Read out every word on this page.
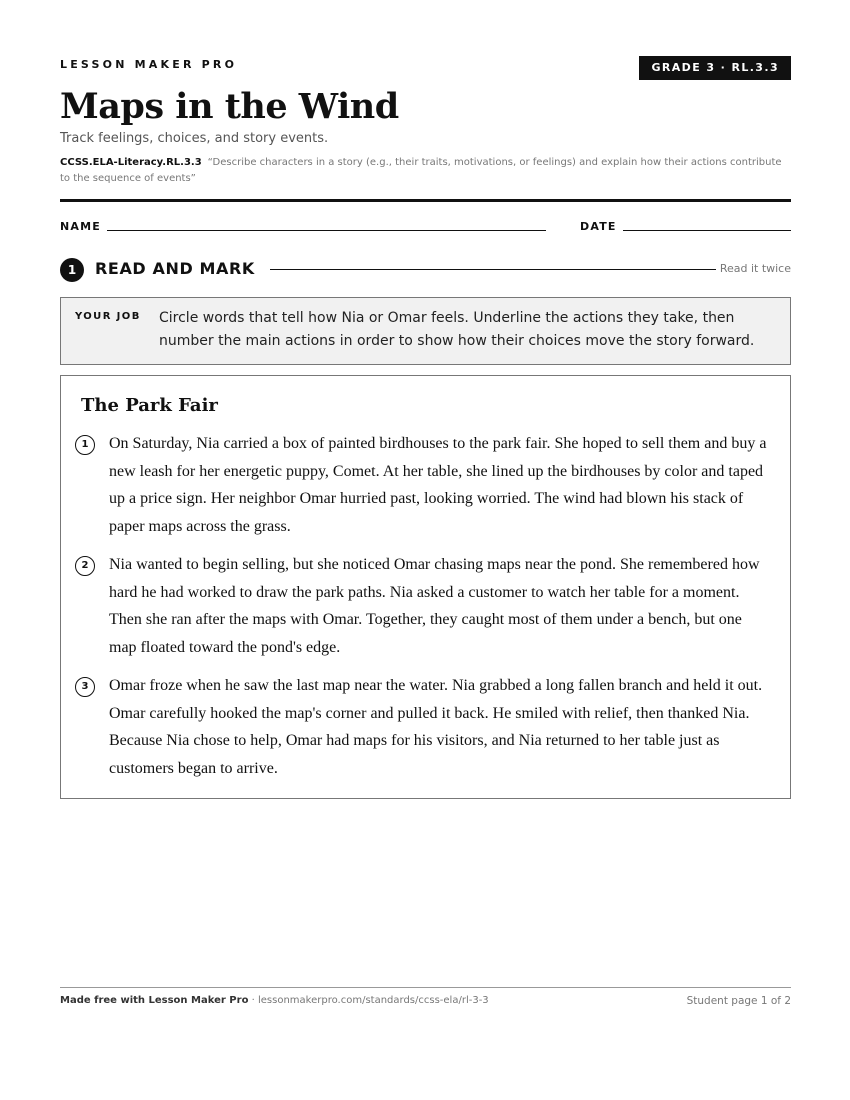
LESSON MAKER PRO	GRADE 3 · RL.3.3
Maps in the Wind
Track feelings, choices, and story events.
CCSS.ELA-Literacy.RL.3.3 “Describe characters in a story (e.g., their traits, motivations, or feelings) and explain how their actions contribute to the sequence of events”
NAME	DATE
1	READ AND MARK	Read it twice
YOUR JOB Circle words that tell how Nia or Omar feels. Underline the actions they take, then number the main actions in order to show how their choices move the story forward.
The Park Fair
1	On Saturday, Nia carried a box of painted birdhouses to the park fair. She hoped to sell them and buy a new leash for her energetic puppy, Comet. At her table, she lined up the birdhouses by color and taped up a price sign. Her neighbor Omar hurried past, looking worried. The wind had blown his stack of paper maps across the grass.
2	Nia wanted to begin selling, but she noticed Omar chasing maps near the pond. She remembered how hard he had worked to draw the park paths. Nia asked a customer to watch her table for a moment. Then she ran after the maps with Omar. Together, they caught most of them under a bench, but one map floated toward the pond's edge.
3	Omar froze when he saw the last map near the water. Nia grabbed a long fallen branch and held it out. Omar carefully hooked the map's corner and pulled it back. He smiled with relief, then thanked Nia. Because Nia chose to help, Omar had maps for his visitors, and Nia returned to her table just as customers began to arrive.
Made free with Lesson Maker Pro · lessonmakerpro.com/standards/ccss-ela/rl-3-3	Student page 1 of 2
